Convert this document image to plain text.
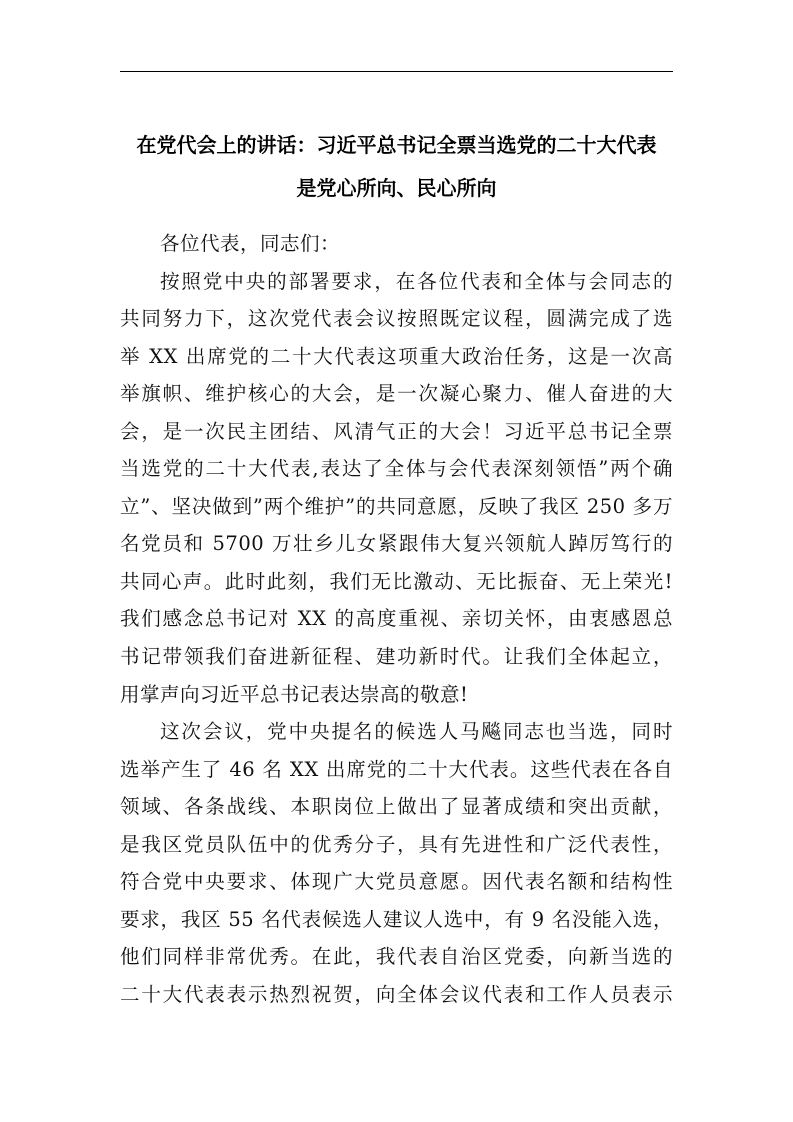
在党代会上的讲话：习近平总书记全票当选党的二十大代表
是党心所向、民心所向
各位代表，同志们：
按照党中央的部署要求，在各位代表和全体与会同志的
共同努力下，这次党代表会议按照既定议程，圆满完成了选
举 XX 出席党的二十大代表这项重大政治任务，这是一次高
举旗帜、维护核心的大会，是一次凝心聚力、催人奋进的大
会，是一次民主团结、风清气正的大会！习近平总书记全票
当选党的二十大代表,表达了全体与会代表深刻领悟”两个确
立”、坚决做到”两个维护”的共同意愿，反映了我区 250 多万
名党员和 5700 万壮乡儿女紧跟伟大复兴领航人踔厉笃行的
共同心声。此时此刻，我们无比激动、无比振奋、无上荣光!
我们感念总书记对 XX 的高度重视、亲切关怀，由衷感恩总
书记带领我们奋进新征程、建功新时代。让我们全体起立，
用掌声向习近平总书记表达崇高的敬意!
这次会议，党中央提名的候选人马飚同志也当选，同时
选举产生了 46 名 XX 出席党的二十大代表。这些代表在各自
领域、各条战线、本职岗位上做出了显著成绩和突出贡献，
是我区党员队伍中的优秀分子，具有先进性和广泛代表性，
符合党中央要求、体现广大党员意愿。因代表名额和结构性
要求，我区 55 名代表候选人建议人选中，有 9 名没能入选，
他们同样非常优秀。在此，我代表自治区党委，向新当选的
二十大代表表示热烈祝贺，向全体会议代表和工作人员表示
